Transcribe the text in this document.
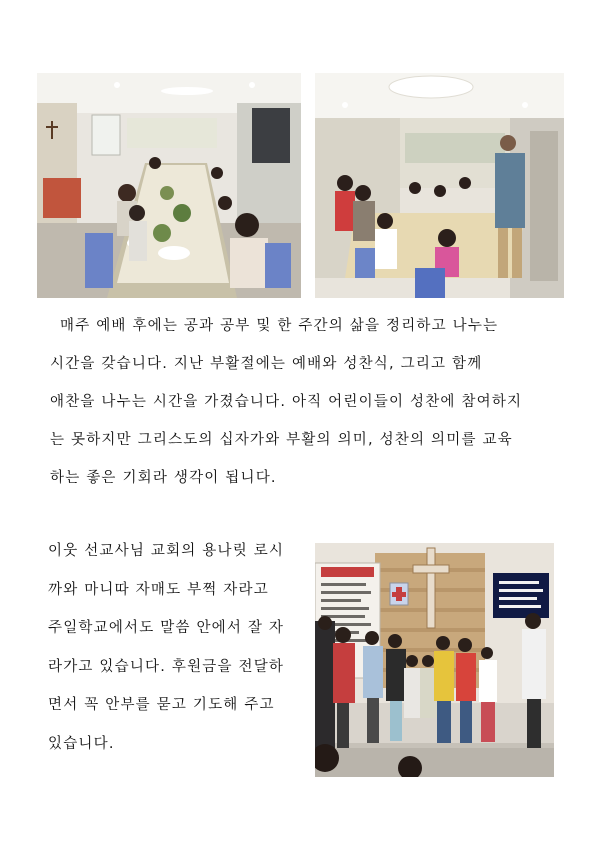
매주 예배 후에는 공과 공부 및 한 주간의 삶을 정리하고 나누는
시간을 갖습니다. 지난 부활절에는 예배와 성찬식, 그리고 함께
애찬을 나누는 시간을 가졌습니다. 아직 어린이들이 성찬에 참여하지
는 못하지만 그리스도의 십자가와 부활의 의미, 성찬의 의미를 교육
하는 좋은 기회라 생각이 됩니다.
이웃 선교사님 교회의 용나릿 로시
까와 마니따 자매도 부쩍 자라고
주일학교에서도 말씀 안에서 잘 자
라가고 있습니다. 후원금을 전달하
면서 꼭 안부를 묻고 기도해 주고
있습니다.
